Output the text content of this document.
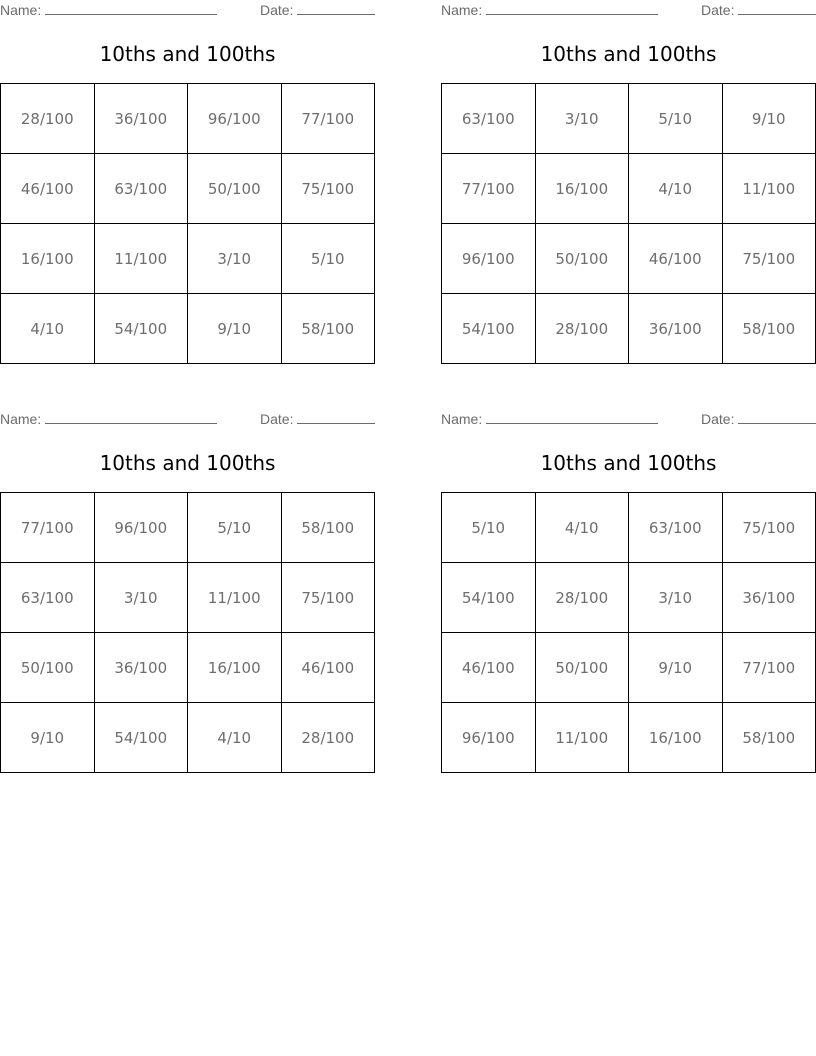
Name:	Date:
10ths and 100ths
28/100	36/100	96/100	77/100
46/100	63/100	50/100	75/100
16/100	11/100	3/10	5/10
4/10	54/100	9/10	58/100
Name:	Date:
10ths and 100ths
63/100	3/10	5/10	9/10
77/100	16/100	4/10	11/100
96/100	50/100	46/100	75/100
54/100	28/100	36/100	58/100
Name:	Date:
10ths and 100ths
77/100	96/100	5/10	58/100
63/100	3/10	11/100	75/100
50/100	36/100	16/100	46/100
9/10	54/100	4/10	28/100
Name:	Date:
10ths and 100ths
5/10	4/10	63/100	75/100
54/100	28/100	3/10	36/100
46/100	50/100	9/10	77/100
96/100	11/100	16/100	58/100
